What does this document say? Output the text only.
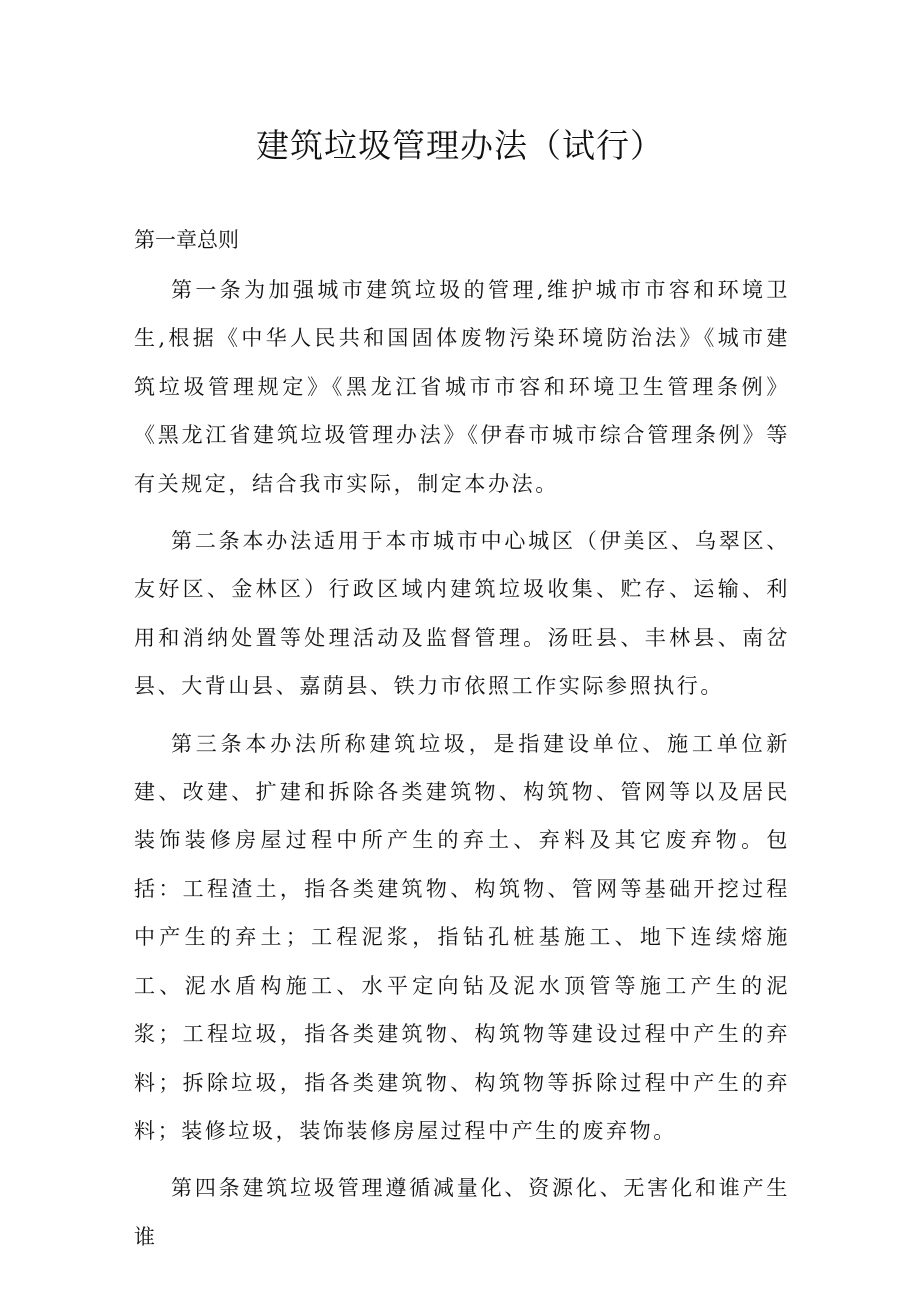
建筑垃圾管理办法（试行）
第一章总则

第一条为加强城市建筑垃圾的管理,维护城市市容和环境卫生,根据《中华人民共和国固体废物污染环境防治法》《城市建筑垃圾管理规定》《黑龙江省城市市容和环境卫生管理条例》《黑龙江省建筑垃圾管理办法》《伊春市城市综合管理条例》等有关规定，结合我市实际，制定本办法。

第二条本办法适用于本市城市中心城区（伊美区、乌翠区、友好区、金林区）行政区域内建筑垃圾收集、贮存、运输、利用和消纳处置等处理活动及监督管理。汤旺县、丰林县、南岔县、大背山县、嘉荫县、铁力市依照工作实际参照执行。

第三条本办法所称建筑垃圾，是指建设单位、施工单位新建、改建、扩建和拆除各类建筑物、构筑物、管网等以及居民装饰装修房屋过程中所产生的弃土、弃料及其它废弃物。包括：工程渣土，指各类建筑物、构筑物、管网等基础开挖过程中产生的弃土；工程泥浆，指钻孔桩基施工、地下连续熔施工、泥水盾构施工、水平定向钻及泥水顶管等施工产生的泥浆；工程垃圾，指各类建筑物、构筑物等建设过程中产生的弃料；拆除垃圾，指各类建筑物、构筑物等拆除过程中产生的弃料；装修垃圾，装饰装修房屋过程中产生的废弃物。

第四条建筑垃圾管理遵循减量化、资源化、无害化和谁产生谁
